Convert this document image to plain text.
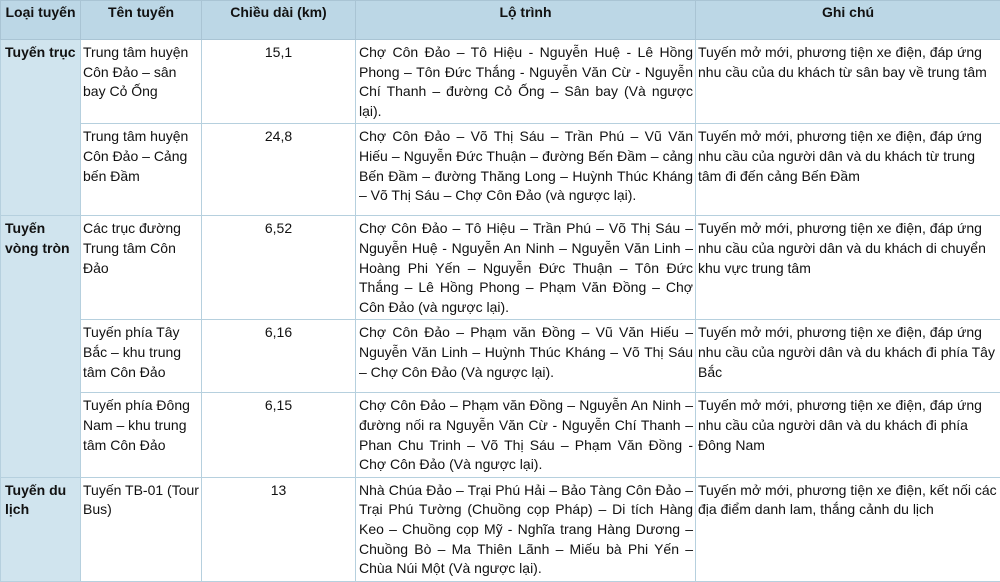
Loại tuyến	Tên tuyến	Chiều dài (km)	Lộ trình	Ghi chú
Tuyến trục	Trung tâm huyện Côn Đảo – sân bay Cỏ Ống	15,1	Chợ Côn Đảo – Tô Hiệu - Nguyễn Huệ - Lê Hồng Phong – Tôn Đức Thắng - Nguyễn Văn Cừ - Nguyễn Chí Thanh – đường Cỏ Ống – Sân bay (Và ngược lại).	Tuyến mở mới, phương tiện xe điện, đáp ứng nhu cầu của du khách từ sân bay về trung tâm
	Trung tâm huyện Côn Đảo – Cảng bến Đầm	24,8	Chợ Côn Đảo – Võ Thị Sáu – Trần Phú – Vũ Văn Hiếu – Nguyễn Đức Thuận – đường Bến Đầm – cảng Bến Đầm – đường Thăng Long – Huỳnh Thúc Kháng – Võ Thị Sáu – Chợ Côn Đảo (và ngược lại).	Tuyến mở mới, phương tiện xe điện, đáp ứng nhu cầu của người dân và du khách từ trung tâm đi đến cảng Bến Đầm
Tuyến vòng tròn	Các trục đường Trung tâm Côn Đảo	6,52	Chợ Côn Đảo – Tô Hiệu – Trần Phú – Võ Thị Sáu – Nguyễn Huệ - Nguyễn An Ninh – Nguyễn Văn Linh – Hoàng Phi Yến – Nguyễn Đức Thuận – Tôn Đức Thắng – Lê Hồng Phong – Phạm Văn Đồng – Chợ Côn Đảo (và ngược lại).	Tuyến mở mới, phương tiện xe điện, đáp ứng nhu cầu của người dân và du khách di chuyển khu vực trung tâm
	Tuyến phía Tây Bắc – khu trung tâm Côn Đảo	6,16	Chợ Côn Đảo – Phạm văn Đồng – Vũ Văn Hiếu – Nguyễn Văn Linh – Huỳnh Thúc Kháng – Võ Thị Sáu – Chợ Côn Đảo (Và ngược lại).	Tuyến mở mới, phương tiện xe điện, đáp ứng nhu cầu của người dân và du khách đi phía Tây Bắc
	Tuyến phía Đông Nam – khu trung tâm Côn Đảo	6,15	Chợ Côn Đảo – Phạm văn Đồng – Nguyễn An Ninh – đường nối ra Nguyễn Văn Cừ - Nguyễn Chí Thanh – Phan Chu Trinh – Võ Thị Sáu – Phạm Văn Đồng - Chợ Côn Đảo (Và ngược lại).	Tuyến mở mới, phương tiện xe điện, đáp ứng nhu cầu của người dân và du khách đi phía Đông Nam
Tuyến du lịch	Tuyến TB-01 (Tour Bus)	13	Nhà Chúa Đảo – Trại Phú Hải – Bảo Tàng Côn Đảo –Trại Phú Tường (Chuồng cọp Pháp) – Di tích Hàng Keo – Chuồng cọp Mỹ - Nghĩa trang Hàng Dương – Chuồng Bò – Ma Thiên Lãnh – Miếu bà Phi Yến – Chùa Núi Một (Và ngược lại).	Tuyến mở mới, phương tiện xe điện, kết nối các địa điểm danh lam, thắng cảnh du lịch
